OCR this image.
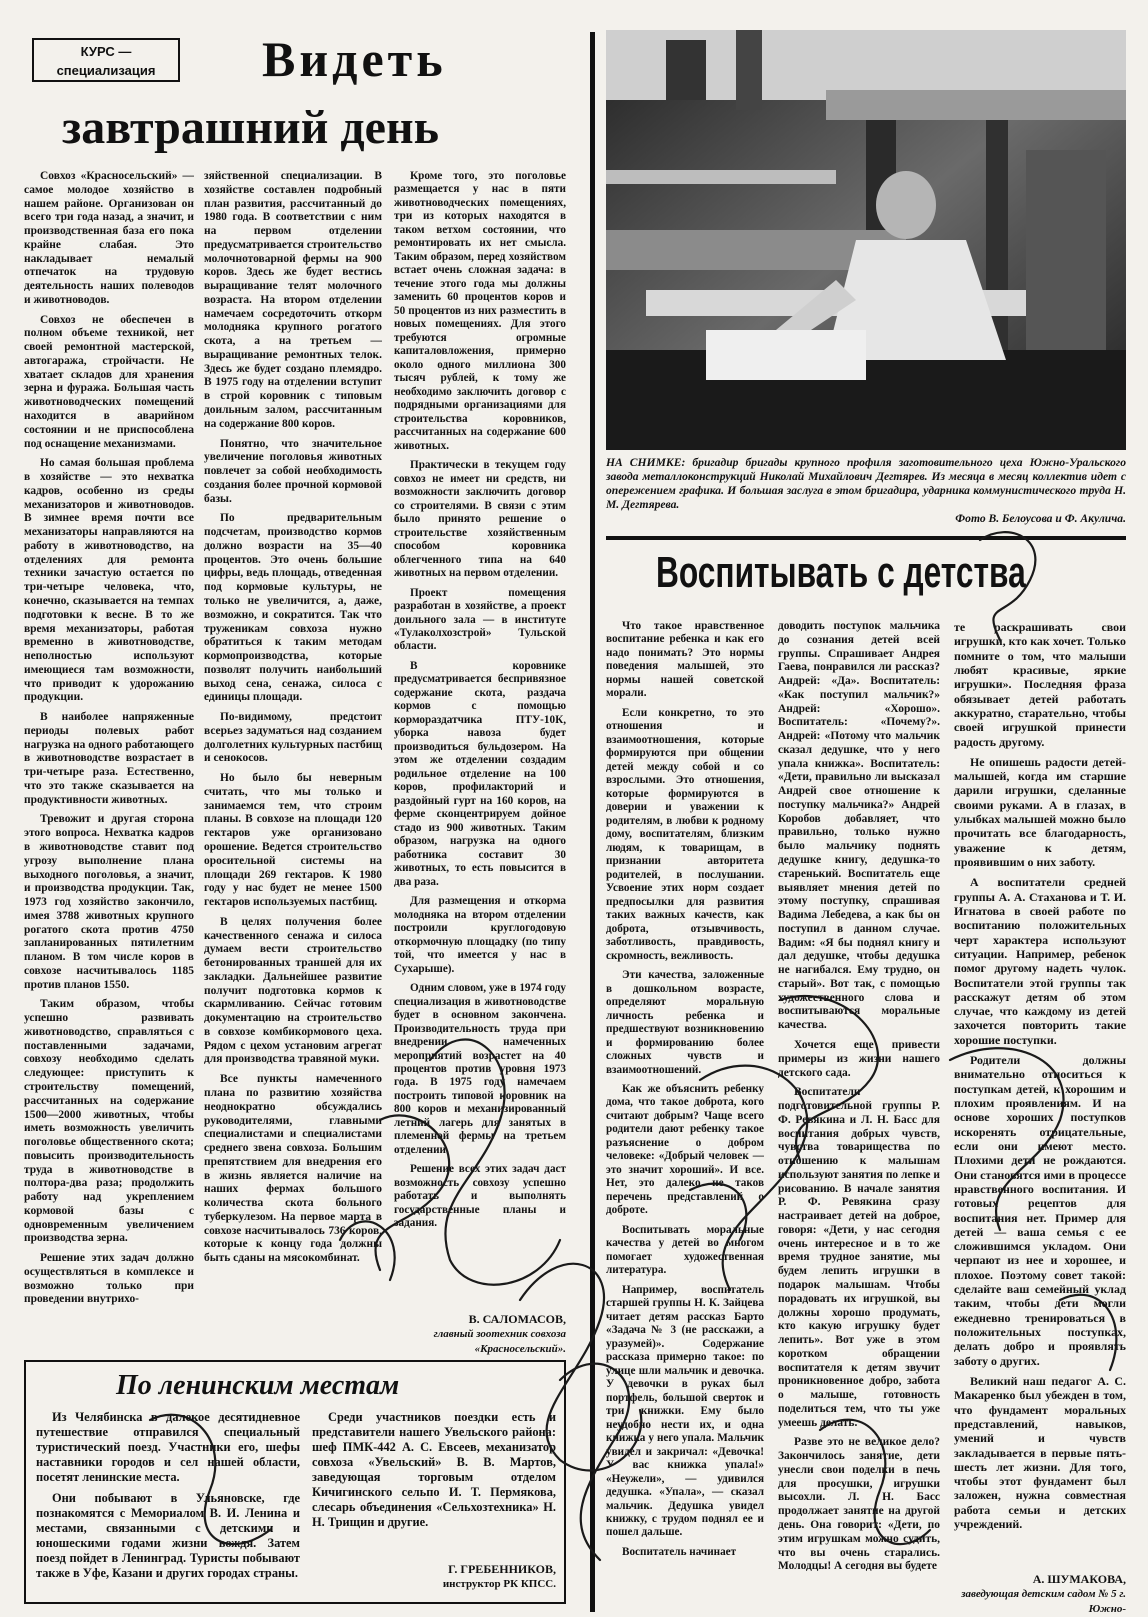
КУРС —
специализация	Видеть
завтрашний день

Совхоз «Красносельский» — самое молодое хозяйство в нашем районе. Организован он всего три года назад, а значит, и производственная база его пока крайне слабая. Это накладывает немалый отпечаток на трудовую деятельность наших полеводов и животноводов.

Совхоз не обеспечен в полном объеме техникой, нет своей ремонтной мастерской, автогаража, стройчасти. Не хватает складов для хранения зерна и фуража. Большая часть животноводческих помещений находится в аварийном состоянии и не приспособлена под оснащение механизмами.

Но самая большая проблема в хозяйстве — это нехватка кадров, особенно из среды механизаторов и животноводов. В зимнее время почти все механизаторы направляются на работу в животноводство, на отделениях для ремонта техники зачастую остается по три-четыре человека, что, конечно, сказывается на темпах подготовки к весне. В то же время механизаторы, работая временно в животноводстве, неполностью используют имеющиеся там возможности, что приводит к удорожанию продукции.

В наиболее напряженные периоды полевых работ нагрузка на одного работающего в животноводстве возрастает в три-четыре раза. Естественно, что это также сказывается на продуктивности животных.

Тревожит и другая сторона этого вопроса. Нехватка кадров в животноводстве ставит под угрозу выполнение плана выходного поголовья, а значит, и производства продукции. Так, 1973 год хозяйство закончило, имея 3788 животных крупного рогатого скота против 4750 запланированных пятилетним планом. В том числе коров в совхозе насчитывалось 1185 против планов 1550.

Таким образом, чтобы успешно развивать животноводство, справляться с поставленными задачами, совхозу необходимо сделать следующее: приступить к строительству помещений, рассчитанных на содержание 1500—2000 животных, чтобы иметь возможность увеличить поголовье общественного скота; повысить производительность труда в животноводстве в полтора-два раза; продолжить работу над укреплением кормовой базы с одновременным увеличением производства зерна.

Решение этих задач должно осуществляться в комплексе и возможно только при проведении внутрихо-

зяйственной специализации. В хозяйстве составлен подробный план развития, рассчитанный до 1980 года. В соответствии с ним на первом отделении предусматривается строительство молочнотоварной фермы на 900 коров. Здесь же будет вестись выращивание телят молочного возраста. На втором отделении намечаем сосредоточить откорм молодняка крупного рогатого скота, а на третьем — выращивание ремонтных телок. Здесь же будет создано племядро. В 1975 году на отделении вступит в строй коровник с типовым доильным залом, рассчитанным на содержание 800 коров.

Понятно, что значительное увеличение поголовья животных повлечет за собой необходимость создания более прочной кормовой базы.

По предварительным подсчетам, производство кормов должно возрасти на 35—40 процентов. Это очень большие цифры, ведь площадь, отведенная под кормовые культуры, не только не увеличится, а, даже, возможно, и сократится. Так что труженикам совхоза нужно обратиться к таким методам кормопроизводства, которые позволят получить наибольший выход сена, сенажа, силоса с единицы площади.

По-видимому, предстоит всерьез задуматься над созданием долголетних культурных пастбищ и сенокосов.

Но было бы неверным считать, что мы только и занимаемся тем, что строим планы. В совхозе на площади 120 гектаров уже организовано орошение. Ведется строительство оросительной системы на площади 269 гектаров. К 1980 году у нас будет не менее 1500 гектаров используемых пастбищ.

В целях получения более качественного сенажа и силоса думаем вести строительство бетонированных траншей для их закладки. Дальнейшее развитие получит подготовка кормов к скармливанию. Сейчас готовим документацию на строительство в совхозе комбикормового цеха. Рядом с цехом установим агрегат для производства травяной муки.

Все пункты намеченного плана по развитию хозяйства неоднократно обсуждались руководителями, главными специалистами и специалистами среднего звена совхоза. Большим препятствием для внедрения его в жизнь является наличие на наших фермах большого количества скота больного туберкулезом. На первое марта в совхозе насчитывалось 736 коров, которые к концу года должны быть сданы на мясокомбинат.

Кроме того, это поголовье размещается у нас в пяти животноводческих помещениях, три из которых находятся в таком ветхом состоянии, что ремонтировать их нет смысла. Таким образом, перед хозяйством встает очень сложная задача: в течение этого года мы должны заменить 60 процентов коров и 50 процентов из них разместить в новых помещениях. Для этого требуются огромные капиталовложения, примерно около одного миллиона 300 тысяч рублей, к тому же необходимо заключить договор с подрядными организациями для строительства коровников, рассчитанных на содержание 600 животных.

Практически в текущем году совхоз не имеет ни средств, ни возможности заключить договор со строителями. В связи с этим было принято решение о строительстве хозяйственным способом коровника облегченного типа на 640 животных на первом отделении.

Проект помещения разработан в хозяйстве, а проект доильного зала — в институте «Тулаколхозстрой» Тульской области.

В коровнике предусматривается беспривязное содержание скота, раздача кормов с помощью кормораздатчика ПТУ-10К, уборка навоза будет производиться бульдозером. На этом же отделении создадим родильное отделение на 100 коров, профилакторий и раздойный гурт на 160 коров, на ферме сконцентрируем дойное стадо из 900 животных. Таким образом, нагрузка на одного работника составит 30 животных, то есть повысится в два раза.

Для размещения и откорма молодняка на втором отделении построили круглогодовую откормочную площадку (по типу той, что имеется у нас в Сухарыше).

Одним словом, уже в 1974 году специализация в животноводстве будет в основном закончена. Производительность труда при внедрении намеченных мероприятий возрастет на 40 процентов против уровня 1973 года. В 1975 году намечаем построить типовой коровник на 800 коров и механизированный летний лагерь для занятых в племенной фермы на третьем отделении.

Решение всех этих задач даст возможность совхозу успешно работать и выполнять государственные планы и задания.

В. САЛОМАСОВ,
главный зоотехник совхоза
«Красносельский».
НА СНИМКЕ: бригадир бригады крупного профиля заготовительного цеха Южно-Уральского завода металлоконструкций Николай Михайлович Дегтярев. Из месяца в месяц коллектив идет с опережением графика. И большая заслуга в этом бригадира, ударника коммунистического труда Н. М. Дегтярева.
Фото В. Белоусова и Ф. Акулича.
Воспитывать с детства

Что такое нравственное воспитание ребенка и как его надо понимать? Это нормы поведения малышей, это нормы нашей советской морали.

Если конкретно, то это отношения и взаимоотношения, которые формируются при общении детей между собой и со взрослыми. Это отношения, которые формируются в доверии и уважении к родителям, в любви к родному дому, воспитателям, близким людям, к товарищам, в признании авторитета родителей, в послушании. Усвоение этих норм создает предпосылки для развития таких важных качеств, как доброта, отзывчивость, заботливость, правдивость, скромность, вежливость.

Эти качества, заложенные в дошкольном возрасте, определяют моральную личность ребенка и предшествуют возникновению и формированию более сложных чувств и взаимоотношений.

Как же объяснить ребенку дома, что такое доброта, кого считают добрым? Чаще всего родители дают ребенку такое разъяснение о добром человеке: «Добрый человек — это значит хороший». И все. Нет, это далеко не таков перечень представлений о доброте.

Воспитывать моральные качества у детей во многом помогает художественная литература.

Например, воспитатель старшей группы Н. К. Зайцева читает детям рассказ Барто «Задача № 3 (не расскажи, а уразумей)». Содержание рассказа примерно такое: по улице шли мальчик и девочка. У девочки в руках был портфель, большой сверток и три книжки. Ему было неудобно нести их, и одна книжка у него упала. Мальчик увидел и закричал: «Девочка! У вас книжка упала!» «Неужели», — удивился дедушка. «Упала», — сказал мальчик. Дедушка увидел книжку, с трудом поднял ее и пошел дальше.

Воспитатель начинает

доводить поступок мальчика до сознания детей всей группы. Спрашивает Андрея Гаева, понравился ли рассказ? Андрей: «Да». Воспитатель: «Как поступил мальчик?» Андрей: «Хорошо». Воспитатель: «Почему?». Андрей: «Потому что мальчик сказал дедушке, что у него упала книжка». Воспитатель: «Дети, правильно ли высказал Андрей свое отношение к поступку мальчика?» Андрей Коробов добавляет, что правильно, только нужно было мальчику поднять дедушке книгу, дедушка-то старенький. Воспитатель еще выявляет мнения детей по этому поступку, спрашивая Вадима Лебедева, а как бы он поступил в данном случае. Вадим: «Я бы поднял книгу и дал дедушке, чтобы дедушка не нагибался. Ему трудно, он старый». Вот так, с помощью художественного слова и воспитываются моральные качества.

Хочется еще привести примеры из жизни нашего детского сада.

Воспитатели подготовительной группы Р. Ф. Ревякина и Л. Н. Басс для воспитания добрых чувств, чувства товарищества по отношению к малышам используют занятия по лепке и рисованию. В начале занятия Р. Ф. Ревякина сразу настраивает детей на доброе, говоря: «Дети, у нас сегодня очень интересное и в то же время трудное занятие, мы будем лепить игрушки в подарок малышам. Чтобы порадовать их игрушкой, вы должны хорошо продумать, кто какую игрушку будет лепить». Вот уже в этом коротком обращении воспитателя к детям звучит проникновенное добро, забота о малыше, готовность поделиться тем, что ты уже умеешь делать.

Разве это не великое дело? Закончилось занятие, дети унесли свои поделки в печь для просушки, игрушки высохли. Л. Н. Басс продолжает занятие на другой день. Она говорит: «Дети, по этим игрушкам можно судить, что вы очень старались. Молодцы! А сегодня вы будете

те раскрашивать свои игрушки, кто как хочет. Только помните о том, что малыши любят красивые, яркие игрушки». Последняя фраза обязывает детей работать аккуратно, старательно, чтобы своей игрушкой принести радость другому.

Не опишешь радости детей-малышей, когда им старшие дарили игрушки, сделанные своими руками. А в глазах, в улыбках малышей можно было прочитать все благодарность, уважение к детям, проявившим о них заботу.

А воспитатели средней группы А. А. Стаханова и Т. И. Игнатова в своей работе по воспитанию положительных черт характера используют ситуации. Например, ребенок помог другому надеть чулок. Воспитатели этой группы так расскажут детям об этом случае, что каждому из детей захочется повторить такие хорошие поступки.

Родители должны внимательно относиться к поступкам детей, к хорошим и плохим проявлениям. И на основе хороших поступков искоренять отрицательные, если они имеют место. Плохими дети не рождаются. Они становятся ими в процессе нравственного воспитания. И готовых рецептов для воспитания нет. Пример для детей — ваша семья с ее сложившимся укладом. Они черпают из нее и хорошее, и плохое. Поэтому совет такой: сделайте ваш семейный уклад таким, чтобы дети могли ежедневно тренироваться в положительных поступках, делать добро и проявлять заботу о других.

Великий наш педагог А. С. Макаренко был убежден в том, что фундамент моральных представлений, навыков, умений и чувств закладывается в первые пять-шесть лет жизни. Для того, чтобы этот фундамент был заложен, нужна совместная работа семьи и детских учреждений.

А. ШУМАКОВА,
заведующая детским садом № 5 г. Южно-
По ленинским местам

Из Челябинска в далекое десятидневное путешествие отправился специальный туристический поезд. Участники его, шефы наставники городов и сел нашей области, посетят ленинские места.

Они побывают в Ульяновске, где познакомятся с Мемориалом В. И. Ленина и местами, связанными с детскими и юношескими годами жизни вождя. Затем поезд пойдет в Ленинград. Туристы побывают также в Уфе, Казани и других городах страны.

Среди участников поездки есть и представители нашего Увельского района: шеф ПМК-442 А. С. Евсеев, механизатор совхоза «Увельский» В. В. Мартов, заведующая торговым отделом Кичигинского сельпо И. Т. Пермякова, слесарь объединения «Сельхозтехника» Н. Н. Трищин и другие.

Г. ГРЕБЕННИКОВ,
инструктор РК КПСС.
